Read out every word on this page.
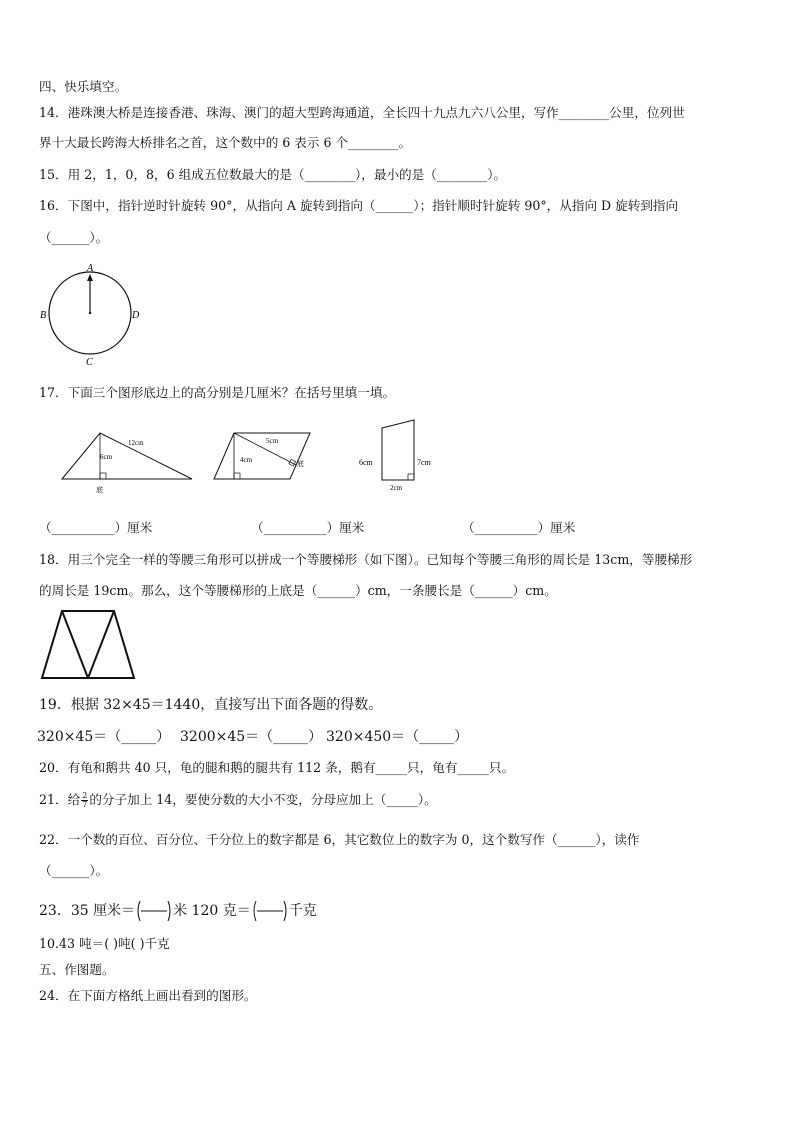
四、快乐填空。
14．港珠澳大桥是连接香港、珠海、澳门的超大型跨海通道，全长四十九点九六八公里，写作________公里，位列世
界十大最长跨海大桥排名之首，这个数中的 6 表示 6 个________。
15．用 2，1，0，8，6 组成五位数最大的是（________），最小的是（________）。
16．下图中，指针逆时针旋转 90°，从指向 A 旋转到指向（______）；指针顺时针旋转 90°，从指向 D 旋转到指向
（______）。
A
B
C
D
17．下面三个图形底边上的高分别是几厘米？在括号里填一填。
12cm
6cm
底
5cm
4cm	底	6cm	7cm
2cm
（__________）厘米	（__________）厘米	（__________）厘米
18．用三个完全一样的等腰三角形可以拼成一个等腰梯形（如下图）。已知每个等腰三角形的周长是 13cm，等腰梯形
的周长是 19cm。那么，这个等腰梯形的上底是（______）cm，一条腰长是（______）cm。
19．根据 32×45＝1440，直接写出下面各题的得数。
320×45＝（_____） 3200×45＝（_____） 320×450＝（_____）
20．有龟和鹅共 40 只，龟的腿和鹅的腿共有 112 条，鹅有_____只，龟有_____只。
21．给 $\frac{2}{7}$ 的分子加上 14，要使分数的大小不变，分母应加上（_____）。
22．一个数的百位、百分位、千分位上的数字都是 6，其它数位上的数字为 0，这个数写作（______），读作
（______）。
23．35 厘米＝	米 120 克＝	千克
10.43 吨＝( )吨( )千克
五、作图题。
24．在下面方格纸上画出看到的图形。
